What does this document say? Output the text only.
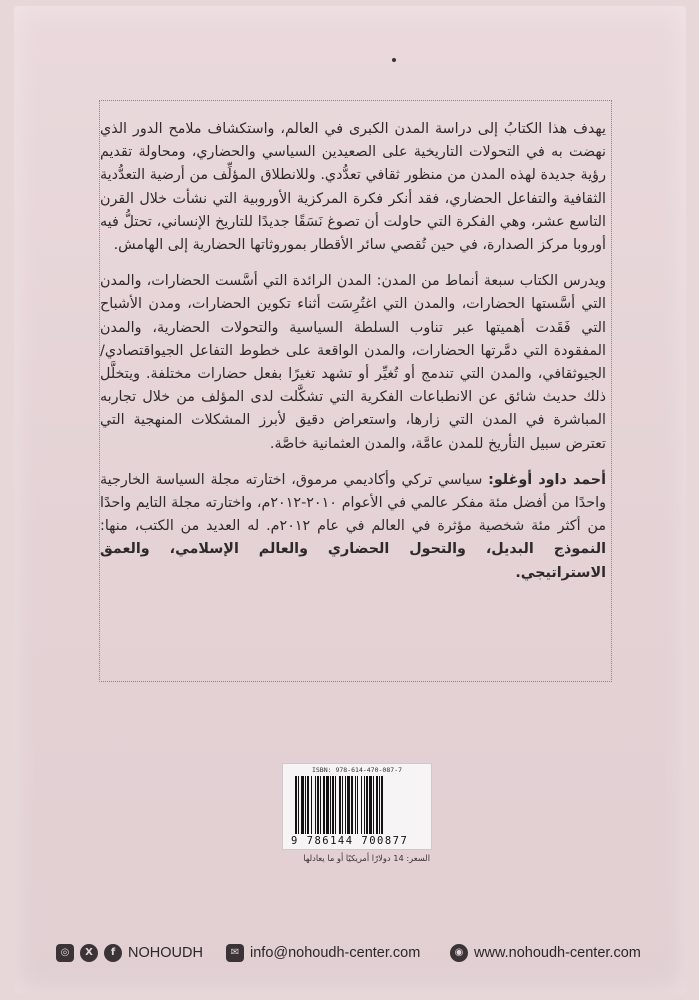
يهدف هذا الكتابُ إلى دراسة المدن الكبرى في العالم، واستكشاف ملامح الدور الذي نهضت به في التحولات التاريخية على الصعيدين السياسي والحضاري، ومحاولة تقديم رؤية جديدة لهذه المدن من منظور ثقافي تعدُّدي. وللانطلاق المؤلِّف من أرضية التعدُّدية الثقافية والتفاعل الحضاري، فقد أنكر فكرة المركزية الأوروبية التي نشأت خلال القرن التاسع عشر، وهي الفكرة التي حاولت أن تصوغ نَسَقًا جديدًا للتاريخ الإنساني، تحتلُّ فيه أوروبا مركز الصدارة، في حين تُقصي سائر الأقطار بموروثاتها الحضارية إلى الهامش.

ويدرس الكتاب سبعة أنماط من المدن: المدن الرائدة التي أسَّست الحضارات، والمدن التي أسَّستها الحضارات، والمدن التي اغتُرِسَت أثناء تكوين الحضارات، ومدن الأشباح التي فَقَدت أهميتها عبر تناوب السلطة السياسية والتحولات الحضارية، والمدن المفقودة التي دمَّرتها الحضارات، والمدن الواقعة على خطوط التفاعل الجيواقتصادي/الجيوثقافي، والمدن التي تندمج أو تُغيِّر أو تشهد تغيرًا بفعل حضارات مختلفة. ويتخلَّل ذلك حديث شائق عن الانطباعات الفكرية التي تشكَّلت لدى المؤلف من خلال تجاربه المباشرة في المدن التي زارها، واستعراض دقيق لأبرز المشكلات المنهجية التي تعترض سبيل التأريخ للمدن عامَّة، والمدن العثمانية خاصَّة.

أحمد داود أوغلو: سياسي تركي وأكاديمي مرموق، اختارته مجلة السياسة الخارجية واحدًا من أفضل مئة مفكر عالمي في الأعوام ٢٠١٠-٢٠١٢م، واختارته مجلة التايم واحدًا من أكثر مئة شخصية مؤثرة في العالم في عام ٢٠١٢م. له العديد من الكتب، منها: النموذج البديل، والتحول الحضاري والعالم الإسلامي، والعمق الاستراتيجي.

ISBN: 978-614-470-087-7
9 786144 700877
السعر: 14 دولارًا أمريكيًا أو ما يعادلها
◉ www.nohoudh-center.com
✉ info@nohoudh-center.com
◎	X	f NOHOUDH
